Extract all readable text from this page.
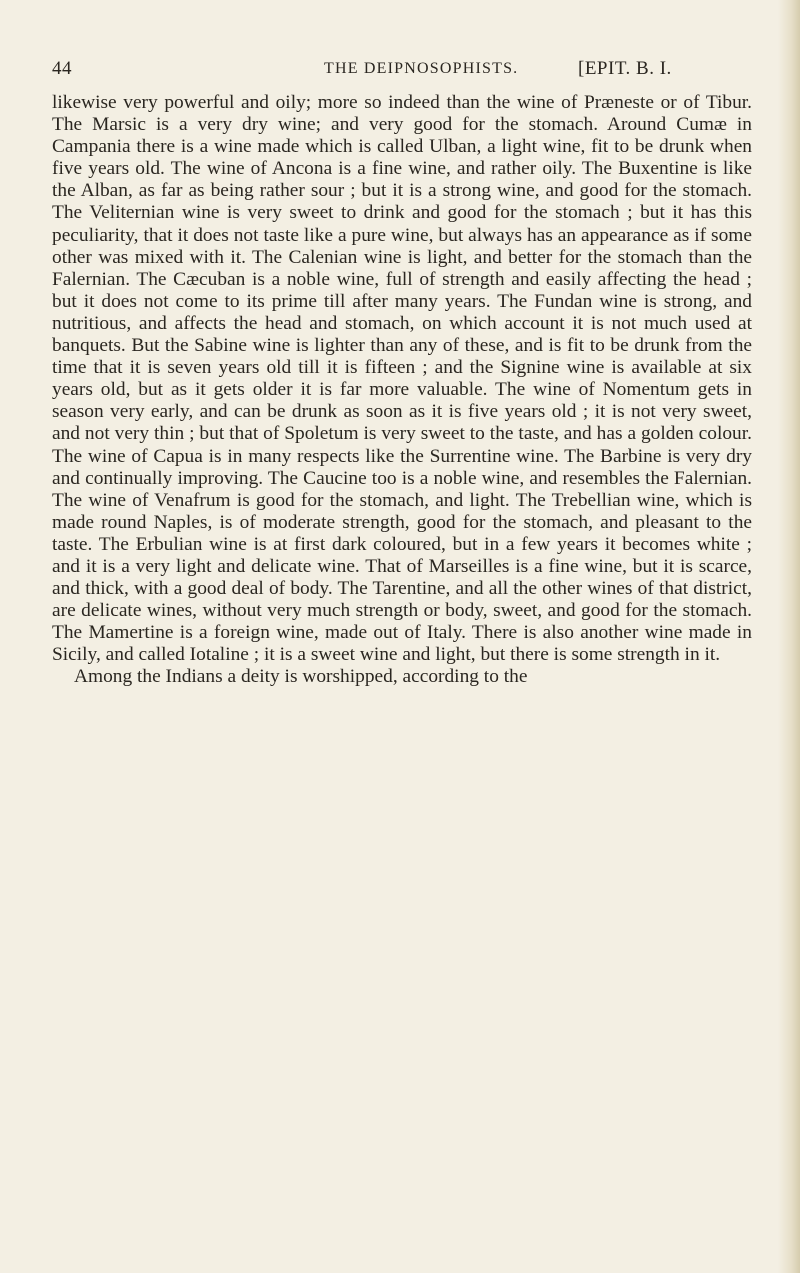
44	THE DEIPNOSOPHISTS.	[EPIT. B. I.

likewise very powerful and oily; more so indeed than the wine of Præneste or of Tibur. The Marsic is a very dry wine; and very good for the stomach. Around Cumæ in Campania there is a wine made which is called Ulban, a light wine, fit to be drunk when five years old. The wine of Ancona is a fine wine, and rather oily. The Buxentine is like the Alban, as far as being rather sour ; but it is a strong wine, and good for the stomach. The Veliternian wine is very sweet to drink and good for the stomach ; but it has this peculiarity, that it does not taste like a pure wine, but always has an appearance as if some other was mixed with it. The Calenian wine is light, and better for the stomach than the Falernian. The Cæcuban is a noble wine, full of strength and easily affecting the head ; but it does not come to its prime till after many years. The Fundan wine is strong, and nutritious, and affects the head and stomach, on which account it is not much used at banquets. But the Sabine wine is lighter than any of these, and is fit to be drunk from the time that it is seven years old till it is fifteen ; and the Signine wine is available at six years old, but as it gets older it is far more valuable. The wine of Nomentum gets in season very early, and can be drunk as soon as it is five years old ; it is not very sweet, and not very thin ; but that of Spoletum is very sweet to the taste, and has a golden colour. The wine of Capua is in many respects like the Surrentine wine. The Barbine is very dry and continually improving. The Caucine too is a noble wine, and resembles the Falernian. The wine of Venafrum is good for the stomach, and light. The Trebellian wine, which is made round Naples, is of moderate strength, good for the stomach, and pleasant to the taste. The Erbulian wine is at first dark coloured, but in a few years it becomes white ; and it is a very light and delicate wine. That of Marseilles is a fine wine, but it is scarce, and thick, with a good deal of body. The Tarentine, and all the other wines of that district, are delicate wines, without very much strength or body, sweet, and good for the stomach. The Mamertine is a foreign wine, made out of Italy. There is also another wine made in Sicily, and called Iotaline ; it is a sweet wine and light, but there is some strength in it.

Among the Indians a deity is worshipped, according to the
